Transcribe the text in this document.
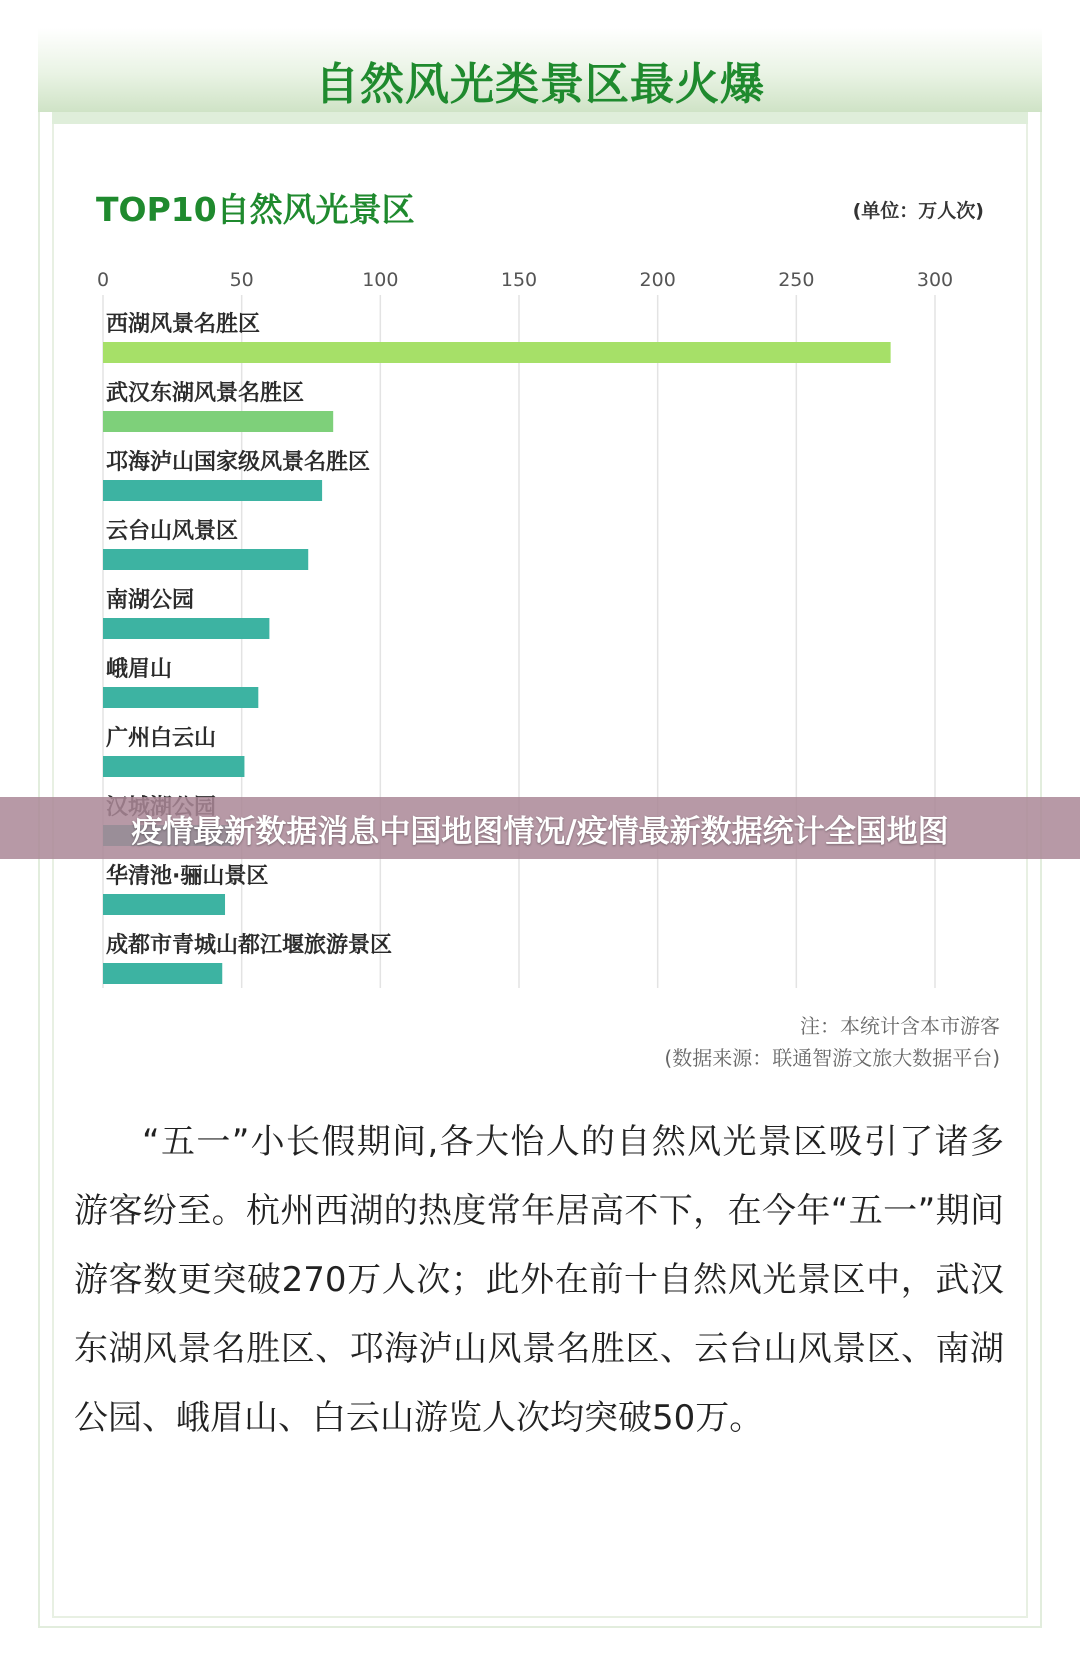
自然风光类景区最火爆
TOP10自然风光景区	(单位：万人次)
0	50	100	150	200	250	300
西湖风景名胜区
武汉东湖风景名胜区
邛海泸山国家级风景名胜区
云台山风景区
南湖公园
峨眉山
广州白云山
华清池·骊山景区
成都市青城山都江堰旅游景区
注：本统计含本市游客
(数据来源：联通智游文旅大数据平台)
“五一”小长假期间,各大怡人的自然风光景区吸引了诸多游客纷至。杭州西湖的热度常年居高不下，在今年“五一”期间游客数更突破270万人次；此外在前十自然风光景区中，武汉东湖风景名胜区、邛海泸山风景名胜区、云台山风景区、南湖公园、峨眉山、白云山游览人次均突破50万。
疫情最新数据消息中国地图情况/疫情最新数据统计全国地图
